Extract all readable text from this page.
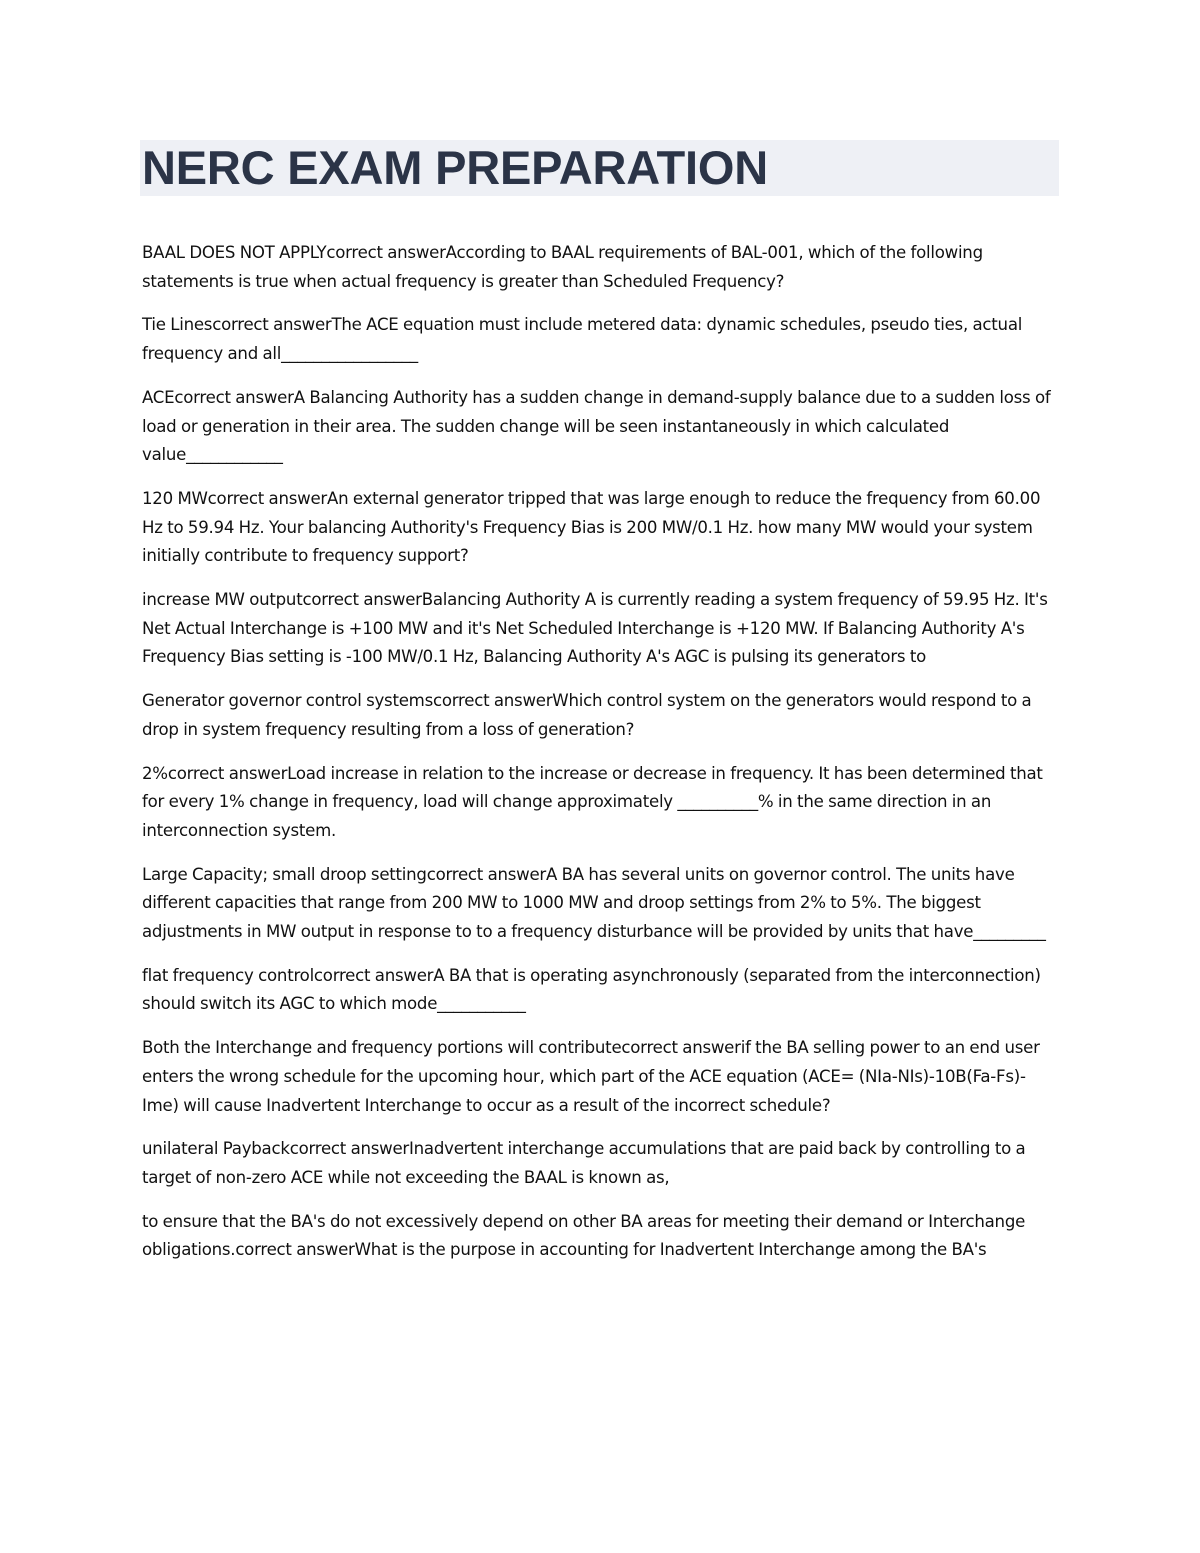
NERC EXAM PREPARATION
BAAL DOES NOT APPLYcorrect answerAccording to BAAL requirements of BAL-001, which of the following statements is true when actual frequency is greater than Scheduled Frequency?
Tie Linescorrect answerThe ACE equation must include metered data: dynamic schedules, pseudo ties, actual frequency and all_________________
ACEcorrect answerA Balancing Authority has a sudden change in demand-supply balance due to a sudden loss of load or generation in their area. The sudden change will be seen instantaneously in which calculated value____________
120 MWcorrect answerAn external generator tripped that was large enough to reduce the frequency from 60.00 Hz to 59.94 Hz. Your balancing Authority's Frequency Bias is 200 MW/0.1 Hz. how many MW would your system initially contribute to frequency support?
increase MW outputcorrect answerBalancing Authority A is currently reading a system frequency of 59.95 Hz. It's Net Actual Interchange is +100 MW and it's Net Scheduled Interchange is +120 MW. If Balancing Authority A's Frequency Bias setting is -100 MW/0.1 Hz, Balancing Authority A's AGC is pulsing its generators to
Generator governor control systemscorrect answerWhich control system on the generators would respond to a drop in system frequency resulting from a loss of generation?
2%correct answerLoad increase in relation to the increase or decrease in frequency. It has been determined that for every 1% change in frequency, load will change approximately __________% in the same direction in an interconnection system.
Large Capacity; small droop settingcorrect answerA BA has several units on governor control. The units have different capacities that range from 200 MW to 1000 MW and droop settings from 2% to 5%. The biggest adjustments in MW output in response to to a frequency disturbance will be provided by units that have_________
flat frequency controlcorrect answerA BA that is operating asynchronously (separated from the interconnection) should switch its AGC to which mode___________
Both the Interchange and frequency portions will contributecorrect answerif the BA selling power to an end user enters the wrong schedule for the upcoming hour, which part of the ACE equation (ACE= (NIa-NIs)-10B(Fa-Fs)-Ime) will cause Inadvertent Interchange to occur as a result of the incorrect schedule?
unilateral Paybackcorrect answerInadvertent interchange accumulations that are paid back by controlling to a target of non-zero ACE while not exceeding the BAAL is known as,
to ensure that the BA's do not excessively depend on other BA areas for meeting their demand or Interchange obligations.correct answerWhat is the purpose in accounting for Inadvertent Interchange among the BA's
